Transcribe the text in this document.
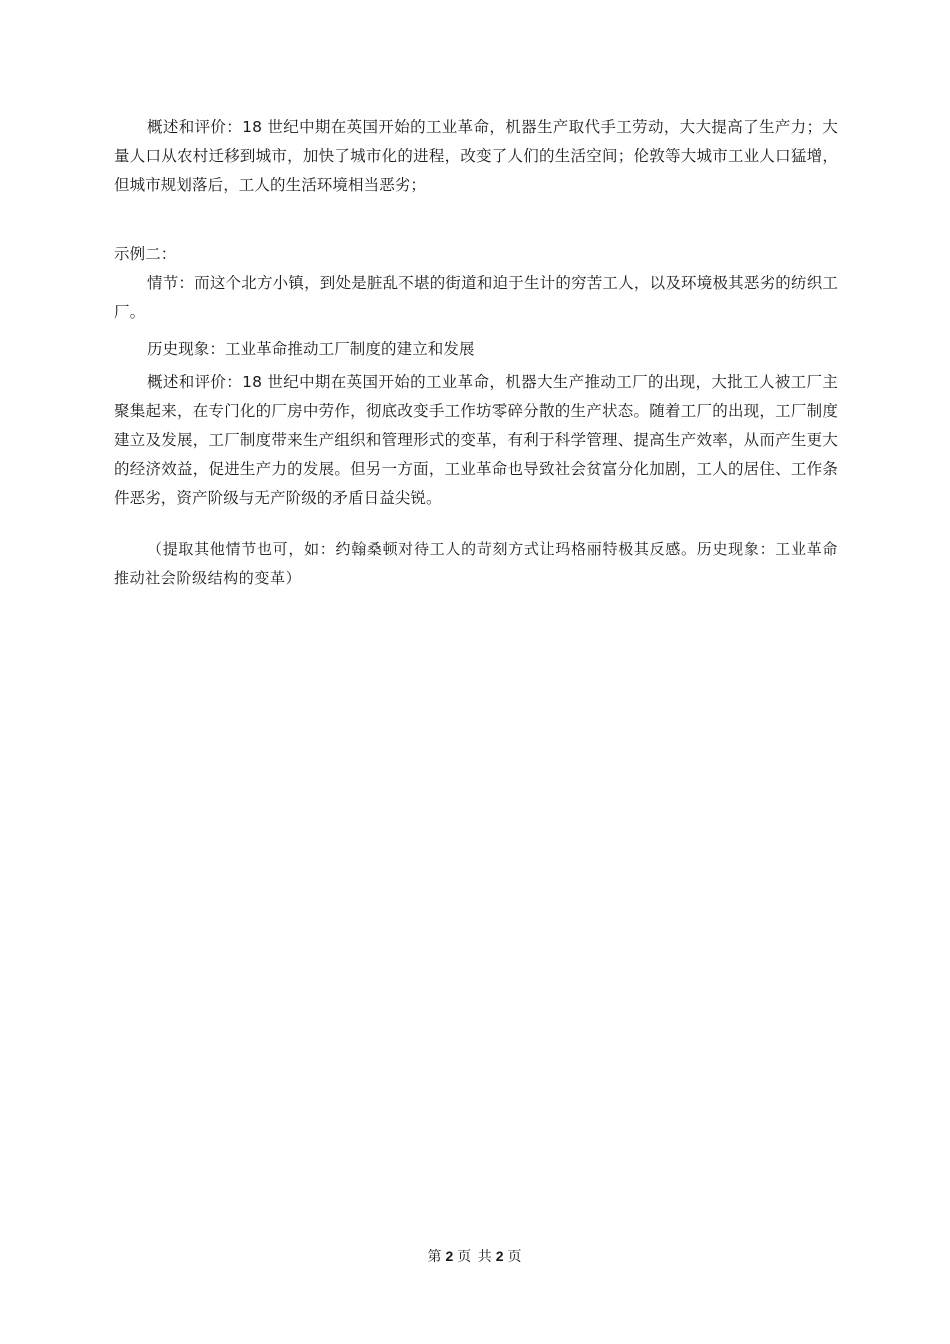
概述和评价：18 世纪中期在英国开始的工业革命，机器生产取代手工劳动，大大提高了生产力；大量人口从农村迁移到城市，加快了城市化的进程，改变了人们的生活空间；伦敦等大城市工业人口猛增，但城市规划落后，工人的生活环境相当恶劣；

示例二：

情节：而这个北方小镇，到处是脏乱不堪的街道和迫于生计的穷苦工人，以及环境极其恶劣的纺织工厂。

历史现象：工业革命推动工厂制度的建立和发展

概述和评价：18 世纪中期在英国开始的工业革命，机器大生产推动工厂的出现，大批工人被工厂主聚集起来，在专门化的厂房中劳作，彻底改变手工作坊零碎分散的生产状态。随着工厂的出现，工厂制度建立及发展，工厂制度带来生产组织和管理形式的变革，有利于科学管理、提高生产效率，从而产生更大的经济效益，促进生产力的发展。但另一方面，工业革命也导致社会贫富分化加剧，工人的居住、工作条件恶劣，资产阶级与无产阶级的矛盾日益尖锐。

（提取其他情节也可，如：约翰桑顿对待工人的苛刻方式让玛格丽特极其反感。历史现象：工业革命推动社会阶级结构的变革）

第 2 页 共 2 页
